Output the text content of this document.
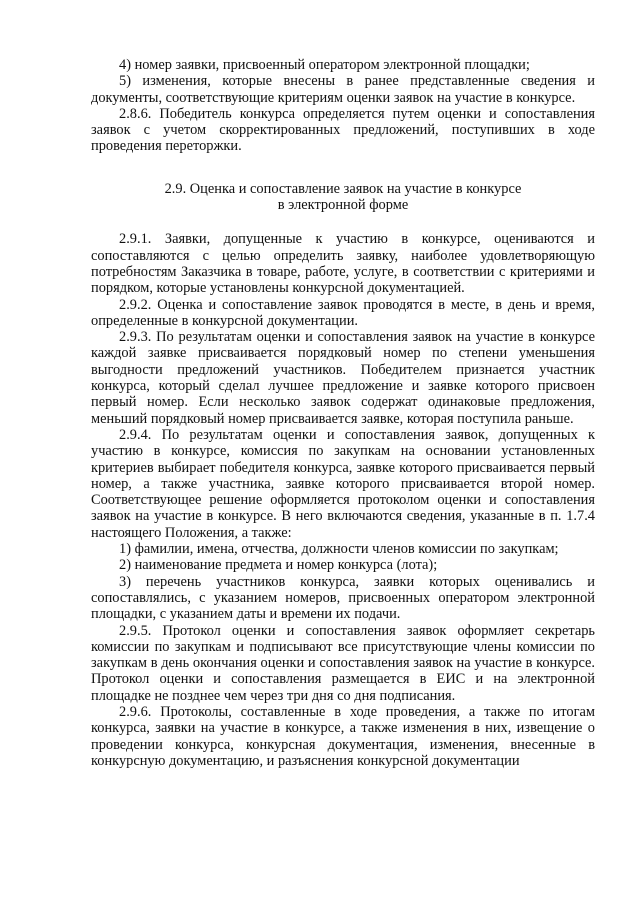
4) номер заявки, присвоенный оператором электронной площадки;

5) изменения, которые внесены в ранее представленные сведения и документы, соответствующие критериям оценки заявок на участие в конкурсе.

2.8.6. Победитель конкурса определяется путем оценки и сопоставления заявок с учетом скорректированных предложений, поступивших в ходе проведения переторжки.

2.9. Оценка и сопоставление заявок на участие в конкурсе
в электронной форме

2.9.1. Заявки, допущенные к участию в конкурсе, оцениваются и сопоставляются с целью определить заявку, наиболее удовлетворяющую потребностям Заказчика в товаре, работе, услуге, в соответствии с критериями и порядком, которые установлены конкурсной документацией.

2.9.2. Оценка и сопоставление заявок проводятся в месте, в день и время, определенные в конкурсной документации.

2.9.3. По результатам оценки и сопоставления заявок на участие в конкурсе каждой заявке присваивается порядковый номер по степени уменьшения выгодности предложений участников. Победителем признается участник конкурса, который сделал лучшее предложение и заявке которого присвоен первый номер. Если несколько заявок содержат одинаковые предложения, меньший порядковый номер присваивается заявке, которая поступила раньше.

2.9.4. По результатам оценки и сопоставления заявок, допущенных к участию в конкурсе, комиссия по закупкам на основании установленных критериев выбирает победителя конкурса, заявке которого присваивается первый номер, а также участника, заявке которого присваивается второй номер. Соответствующее решение оформляется протоколом оценки и сопоставления заявок на участие в конкурсе. В него включаются сведения, указанные в п. 1.7.4 настоящего Положения, а также:

1) фамилии, имена, отчества, должности членов комиссии по закупкам;

2) наименование предмета и номер конкурса (лота);

3) перечень участников конкурса, заявки которых оценивались и сопоставлялись, с указанием номеров, присвоенных оператором электронной площадки, с указанием даты и времени их подачи.

2.9.5. Протокол оценки и сопоставления заявок оформляет секретарь комиссии по закупкам и подписывают все присутствующие члены комиссии по закупкам в день окончания оценки и сопоставления заявок на участие в конкурсе. Протокол оценки и сопоставления размещается в ЕИС и на электронной площадке не позднее чем через три дня со дня подписания.

2.9.6. Протоколы, составленные в ходе проведения, а также по итогам конкурса, заявки на участие в конкурсе, а также изменения в них, извещение о проведении конкурса, конкурсная документация, изменения, внесенные в конкурсную документацию, и разъяснения конкурсной документации
